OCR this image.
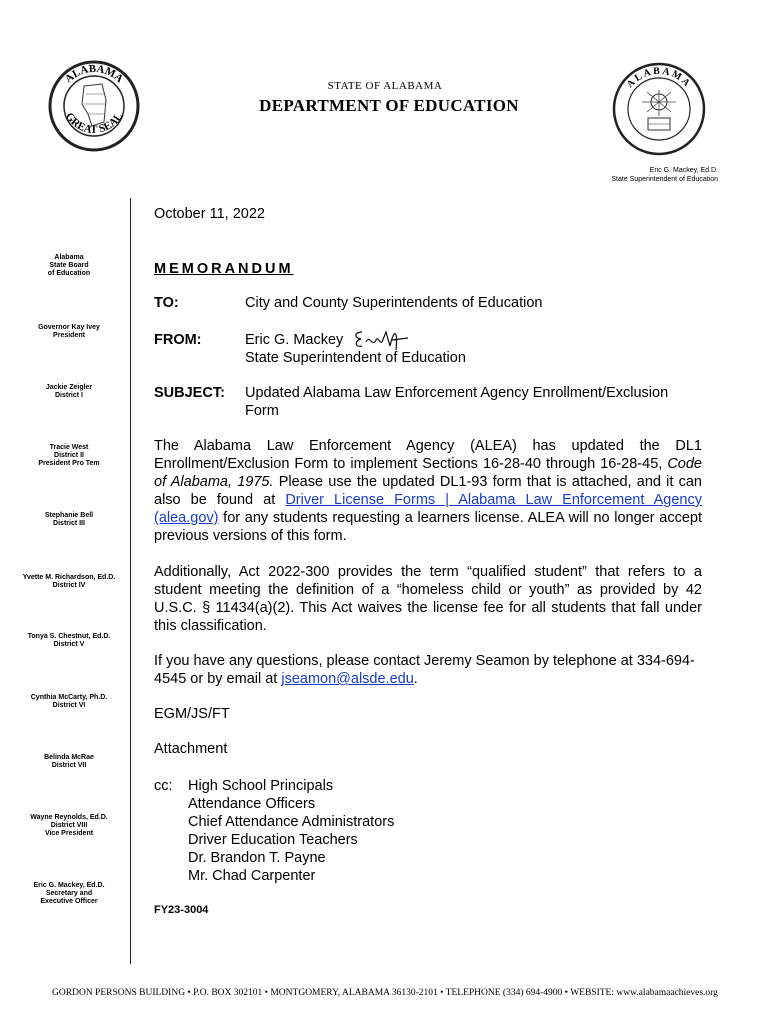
ALABAMA
GREAT SEAL
ALABAMA
STATE OF ALABAMA
DEPARTMENT OF EDUCATION
Eric G. Mackey, Ed.D.
State Superintendent of Education
Alabama
State Board
of Education
Governor Kay Ivey
President
Jackie Zeigler
District I
Tracie West
District II
President Pro Tem
Stephanie Bell
District III
Yvette M. Richardson, Ed.D.
District IV
Tonya S. Chestnut, Ed.D.
District V
Cynthia McCarty, Ph.D.
District VI
Belinda McRae
District VII
Wayne Reynolds, Ed.D.
District VIII
Vice President
Eric G. Mackey, Ed.D.
Secretary and
Executive Officer
October 11, 2022
MEMORANDUM
TO:	City and County Superintendents of Education
FROM:	Eric G. Mackey
State Superintendent of Education
SUBJECT: Updated Alabama Law Enforcement Agency Enrollment/Exclusion Form
The Alabama Law Enforcement Agency (ALEA) has updated the DL1 Enrollment/Exclusion Form to implement Sections 16-28-40 through 16-28-45, Code of Alabama, 1975. Please use the updated DL1-93 form that is attached, and it can also be found at Driver License Forms | Alabama Law Enforcement Agency (alea.gov) for any students requesting a learners license. ALEA will no longer accept previous versions of this form.
Additionally, Act 2022-300 provides the term “qualified student” that refers to a student meeting the definition of a “homeless child or youth” as provided by 42 U.S.C. § 11434(a)(2). This Act waives the license fee for all students that fall under this classification.
If you have any questions, please contact Jeremy Seamon by telephone at 334-694-4545 or by email at jseamon@alsde.edu.
EGM/JS/FT
Attachment
cc:	High School Principals
Attendance Officers
Chief Attendance Administrators
Driver Education Teachers
Dr. Brandon T. Payne
Mr. Chad Carpenter
FY23-3004
GORDON PERSONS BUILDING • P.O. BOX 302101 • MONTGOMERY, ALABAMA 36130-2101 • TELEPHONE (334) 694-4900 • WEBSITE: www.alabamaachieves.org
